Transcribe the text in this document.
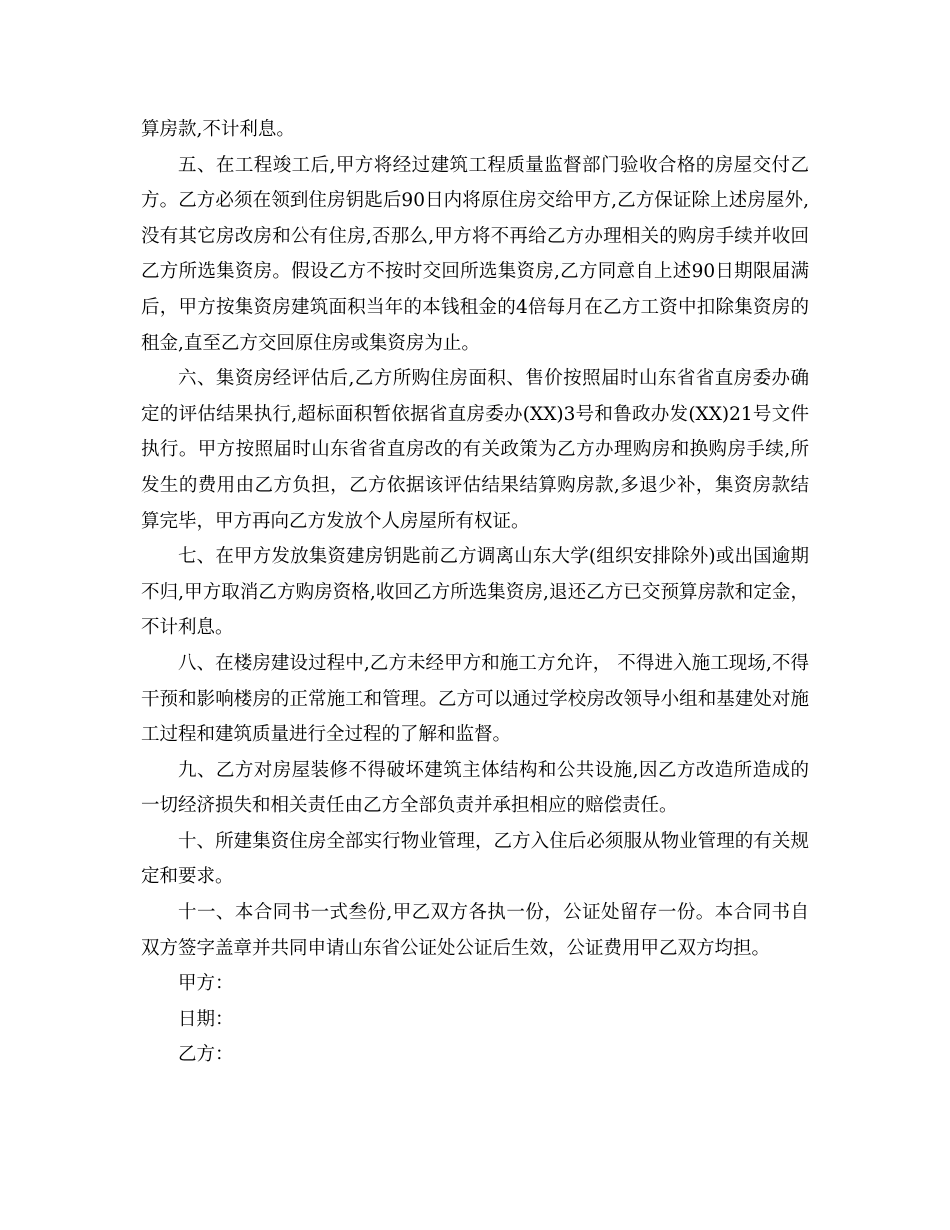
算房款,不计利息。

五、在工程竣工后,甲方将经过建筑工程质量监督部门验收合格的房屋交付乙方。乙方必须在领到住房钥匙后90日内将原住房交给甲方,乙方保证除上述房屋外,没有其它房改房和公有住房,否那么,甲方将不再给乙方办理相关的购房手续并收回乙方所选集资房。假设乙方不按时交回所选集资房,乙方同意自上述90日期限届满后，甲方按集资房建筑面积当年的本钱租金的4倍每月在乙方工资中扣除集资房的租金,直至乙方交回原住房或集资房为止。

六、集资房经评估后,乙方所购住房面积、售价按照届时山东省省直房委办确定的评估结果执行,超标面积暂依据省直房委办(XX)3号和鲁政办发(XX)21号文件执行。甲方按照届时山东省省直房改的有关政策为乙方办理购房和换购房手续,所发生的费用由乙方负担，乙方依据该评估结果结算购房款,多退少补，集资房款结算完毕，甲方再向乙方发放个人房屋所有权证。

七、在甲方发放集资建房钥匙前乙方调离山东大学(组织安排除外)或出国逾期不归,甲方取消乙方购房资格,收回乙方所选集资房,退还乙方已交预算房款和定金，不计利息。

八、在楼房建设过程中,乙方未经甲方和施工方允许， 不得进入施工现场,不得干预和影响楼房的正常施工和管理。乙方可以通过学校房改领导小组和基建处对施工过程和建筑质量进行全过程的了解和监督。

九、乙方对房屋装修不得破坏建筑主体结构和公共设施,因乙方改造所造成的一切经济损失和相关责任由乙方全部负责并承担相应的赔偿责任。

十、所建集资住房全部实行物业管理，乙方入住后必须服从物业管理的有关规定和要求。

十一、本合同书一式叁份,甲乙双方各执一份，公证处留存一份。本合同书自双方签字盖章并共同申请山东省公证处公证后生效，公证费用甲乙双方均担。

甲方：

日期：

乙方：
